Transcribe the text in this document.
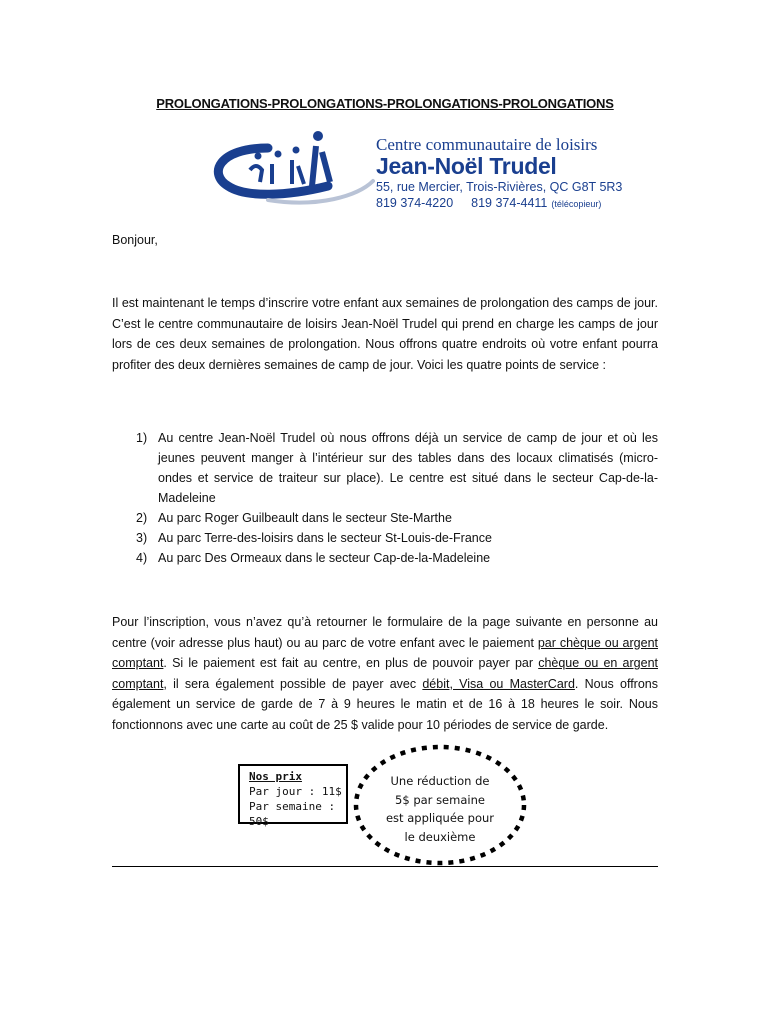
PROLONGATIONS-PROLONGATIONS-PROLONGATIONS-PROLONGATIONS
Centre communautaire de loisirs
Jean-Noël Trudel
55, rue Mercier, Trois-Rivières, QC G8T 5R3
819 374-4220 819 374-4411 (télécopieur)
Bonjour,
Il est maintenant le temps d’inscrire votre enfant aux semaines de prolongation des camps de jour. C’est le centre communautaire de loisirs Jean-Noël Trudel qui prend en charge les camps de jour lors de ces deux semaines de prolongation. Nous offrons quatre endroits où votre enfant pourra profiter des deux dernières semaines de camp de jour. Voici les quatre points de service :
1) Au centre Jean-Noël Trudel où nous offrons déjà un service de camp de jour et où les jeunes peuvent manger à l’intérieur sur des tables dans des locaux climatisés (micro-ondes et service de traiteur sur place). Le centre est situé dans le secteur Cap-de-la-Madeleine
2) Au parc Roger Guilbeault dans le secteur Ste-Marthe
3) Au parc Terre-des-loisirs dans le secteur St-Louis-de-France
4) Au parc Des Ormeaux dans le secteur Cap-de-la-Madeleine
Pour l’inscription, vous n’avez qu’à retourner le formulaire de la page suivante en personne au centre (voir adresse plus haut) ou au parc de votre enfant avec le paiement par chèque ou argent comptant. Si le paiement est fait au centre, en plus de pouvoir payer par chèque ou en argent comptant, il sera également possible de payer avec débit, Visa ou MasterCard. Nous offrons également un service de garde de 7 à 9 heures le matin et de 16 à 18 heures le soir. Nous fonctionnons avec une carte au coût de 25 $ valide pour 10 périodes de service de garde.
Nos prix
Par jour : 11$
Par semaine : 50$
Une réduction de
5$ par semaine
est appliquée pour
le deuxième
